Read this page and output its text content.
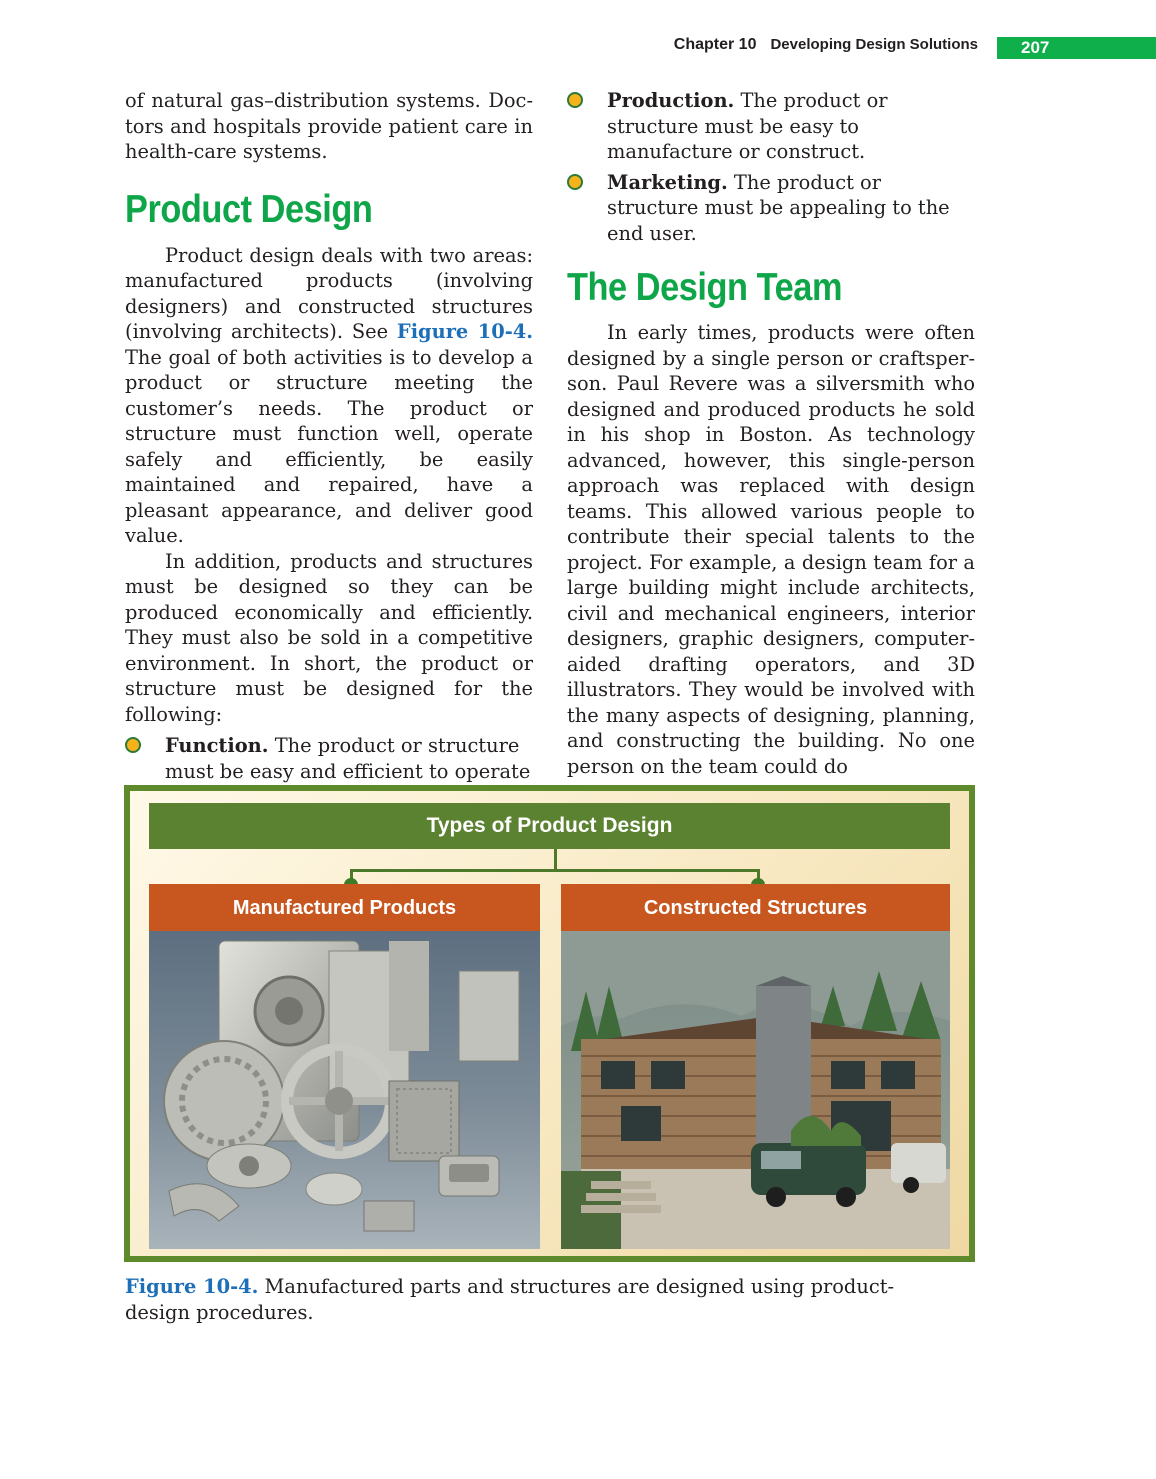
Chapter 10 Developing Design Solutions	207

of natural gas–distribution systems. Doctors and hospitals provide patient care in health-care systems.

Product Design

Product design deals with two areas: manufactured products (involving designers) and constructed structures (involving architects). See Figure 10-4. The goal of both activities is to develop a product or structure meeting the customer’s needs. The product or structure must function well, operate safely and efficiently, be easily maintained and repaired, have a pleasant appearance, and deliver good value.

In addition, products and structures must be designed so they can be produced economically and efficiently. They must also be sold in a competitive environment. In short, the product or structure must be designed for the following:

Function. The product or structure must be easy and efficient to operate
Production. The product or structure must be easy to manufacture or construct.
Marketing. The product or structure must be appealing to the end user.
The Design Team

In early times, products were often designed by a single person or craftsperson. Paul Revere was a silversmith who designed and produced products he sold in his shop in Boston. As technology advanced, however, this single-person approach was replaced with design teams. This allowed various people to contribute their special talents to the project. For example, a design team for a large building might include architects, civil and mechanical engineers, interior designers, graphic designers, computer-aided drafting operators, and 3D illustrators. They would be involved with the many aspects of designing, planning, and constructing the building. No one person on the team could do

Types of Product Design
Manufactured Products	Constructed Structures
Figure 10-4. Manufactured parts and structures are designed using product-design procedures.
